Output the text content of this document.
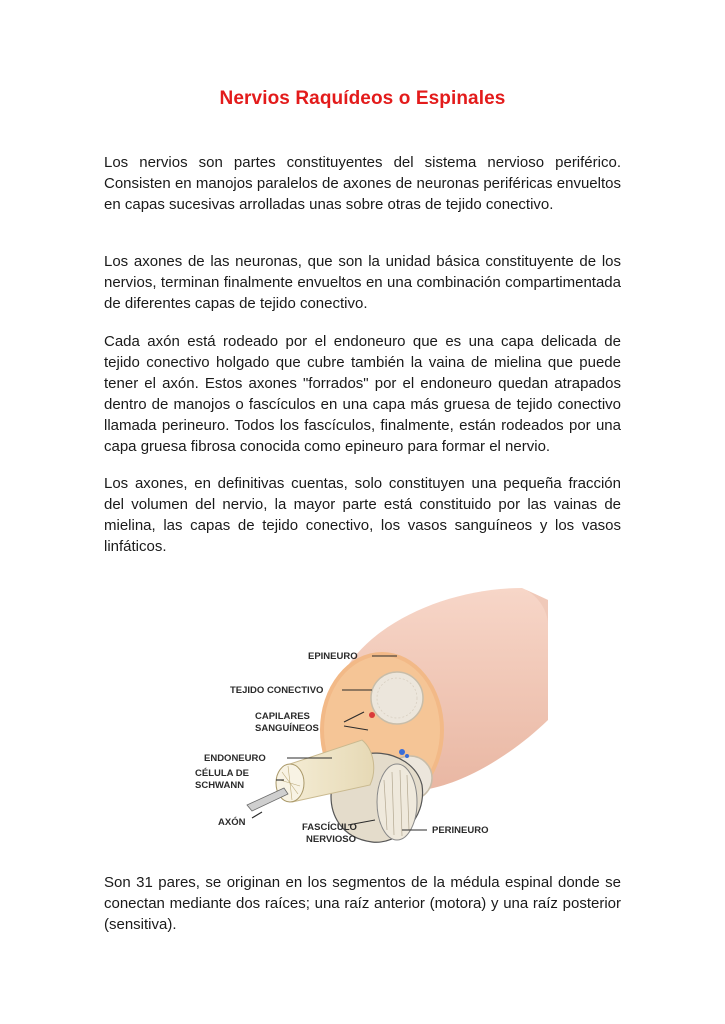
Nervios Raquídeos o Espinales

Los nervios son partes constituyentes del sistema nervioso periférico. Consisten en manojos paralelos de axones de neuronas periféricas envueltos en capas sucesivas arrolladas unas sobre otras de tejido conectivo.

Los axones de las neuronas, que son la unidad básica constituyente de los nervios, terminan finalmente envueltos en una combinación compartimentada de diferentes capas de tejido conectivo.

Cada axón está rodeado por el endoneuro que es una capa delicada de tejido conectivo holgado que cubre también la vaina de mielina que puede tener el axón. Estos axones "forrados" por el endoneuro quedan atrapados dentro de manojos o fascículos en una capa más gruesa de tejido conectivo llamada perineuro. Todos los fascículos, finalmente, están rodeados por una capa gruesa fibrosa conocida como epineuro para formar el nervio.

Los axones, en definitivas cuentas, solo constituyen una pequeña fracción del volumen del nervio, la mayor parte está constituido por las vainas de mielina, las capas de tejido conectivo, los vasos sanguíneos y los vasos linfáticos.

EPINEURO
TEJIDO CONECTIVO
CAPILARES
SANGUÍNEOS
ENDONEURO
CÉLULA DE
SCHWANN
AXÓN	FASCÍCULO
NERVIOSO
PERINEURO

Son 31 pares, se originan en los segmentos de la médula espinal donde se conectan mediante dos raíces; una raíz anterior (motora) y una raíz posterior (sensitiva).
